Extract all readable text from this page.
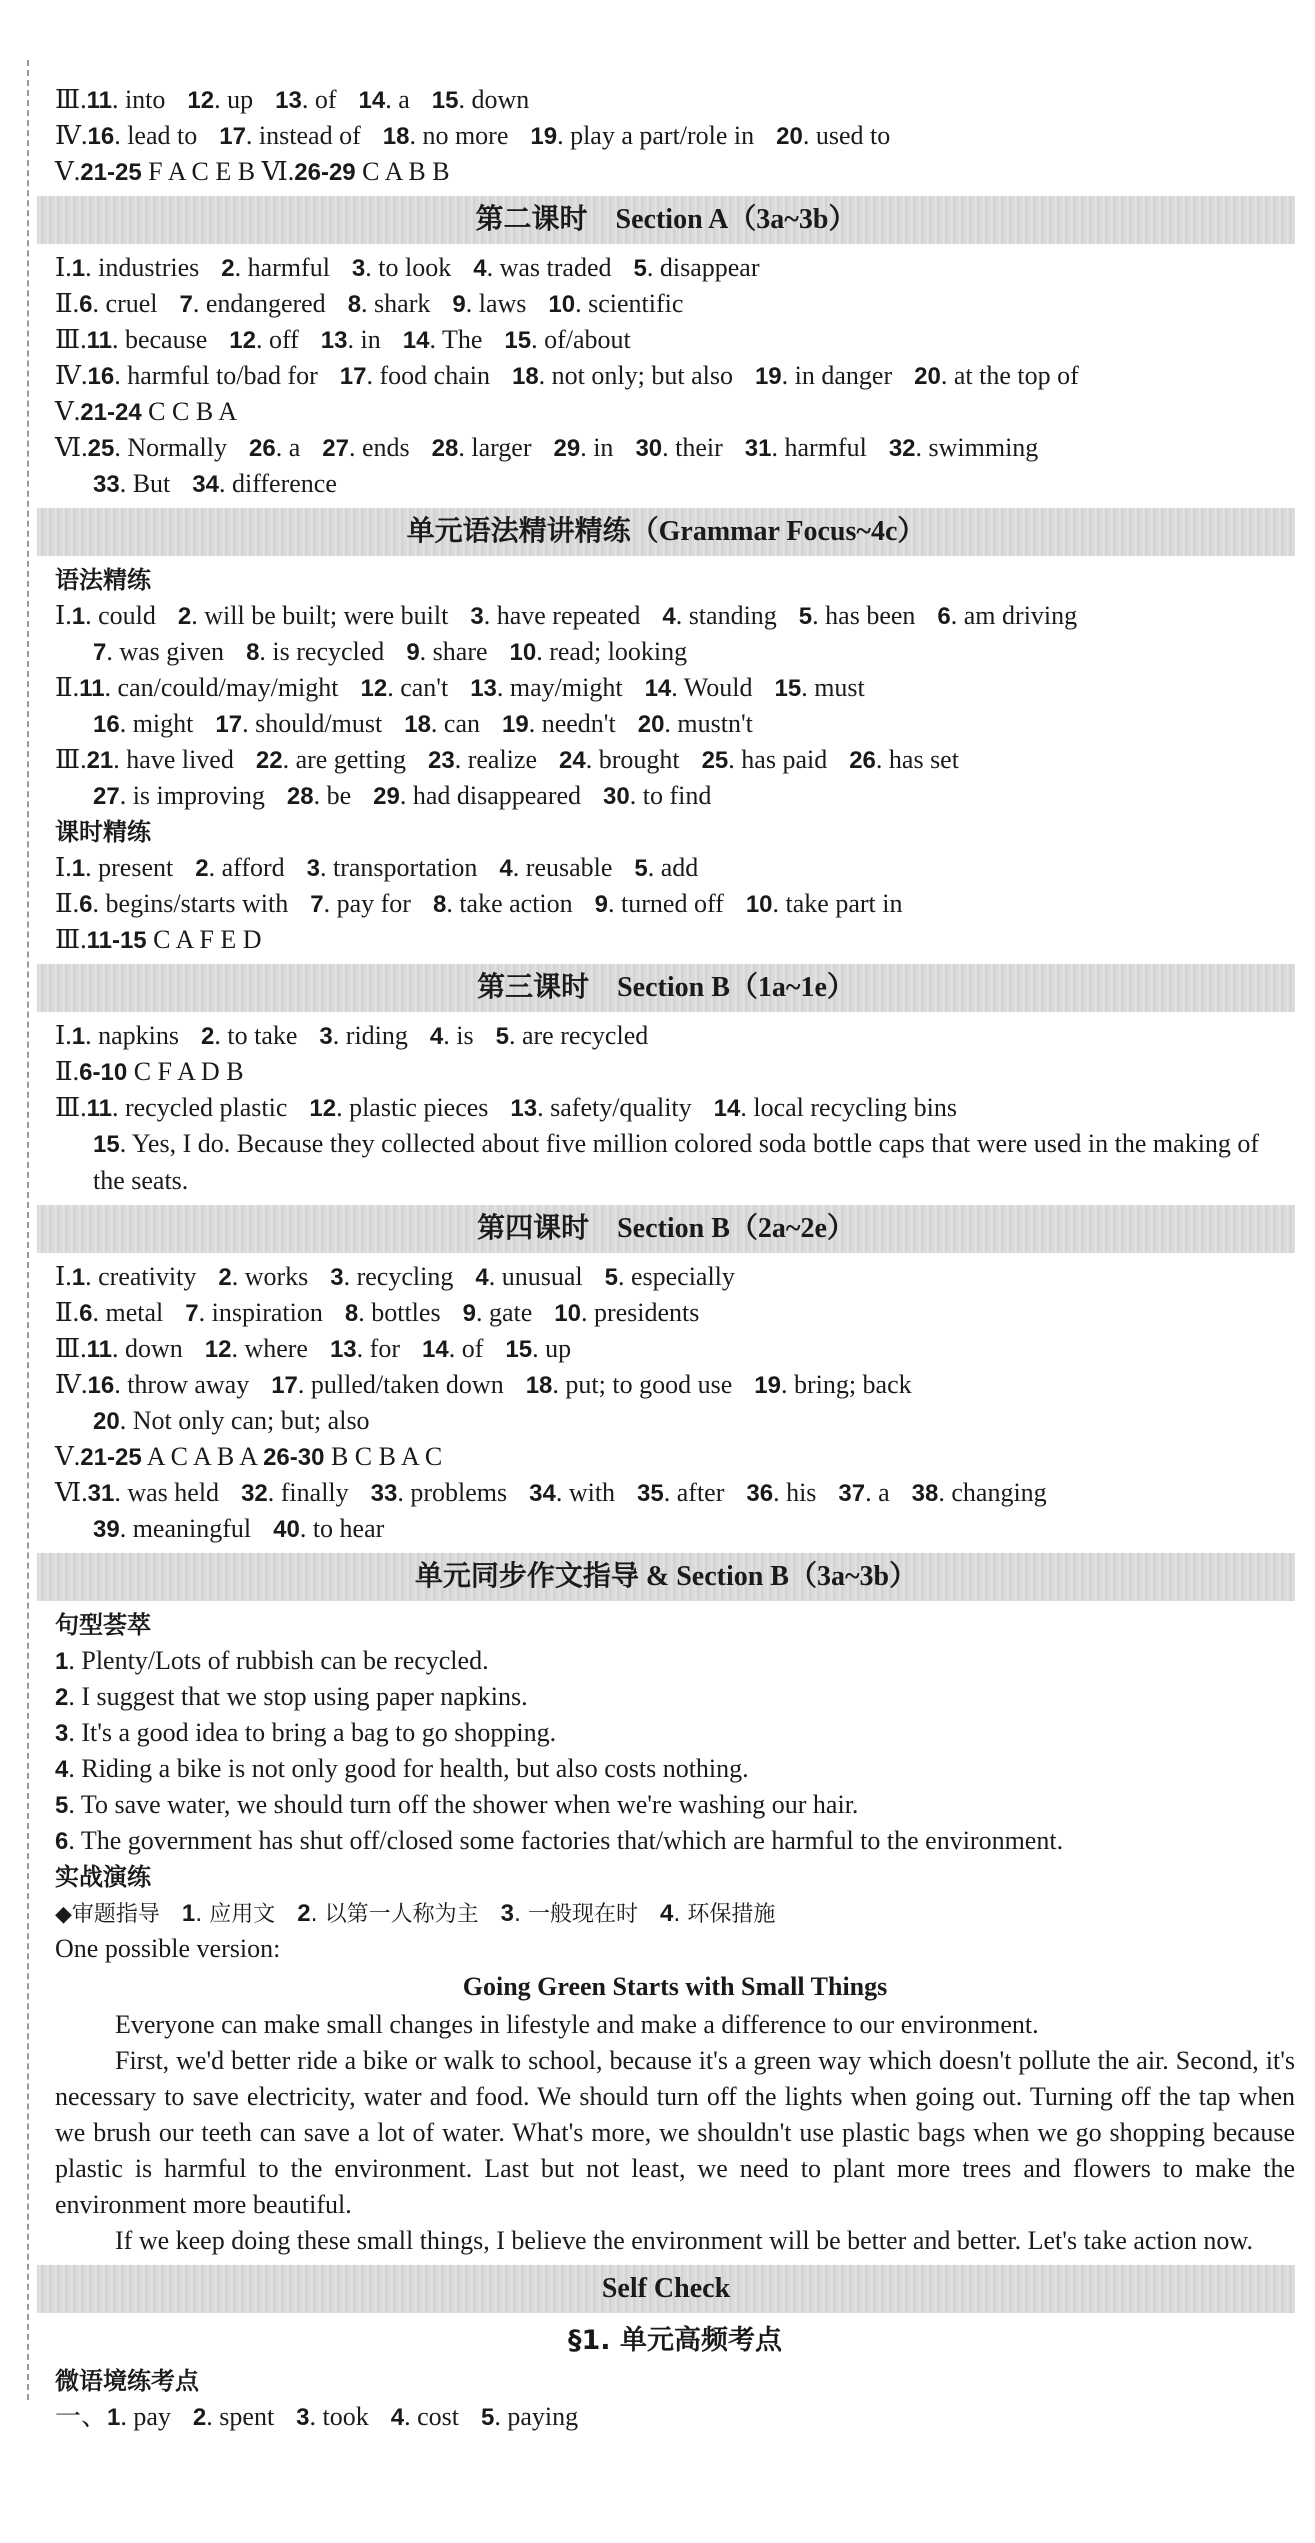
Ⅲ.11. into 12. up 13. of 14. a 15. down
Ⅳ.16. lead to 17. instead of 18. no more 19. play a part/role in 20. used to
Ⅴ.21-25 F A C E B Ⅵ.26-29 C A B B
第二课时　Section A（3a~3b）
Ⅰ.1. industries 2. harmful 3. to look 4. was traded 5. disappear
Ⅱ.6. cruel 7. endangered 8. shark 9. laws 10. scientific
Ⅲ.11. because 12. off 13. in 14. The 15. of/about
Ⅳ.16. harmful to/bad for 17. food chain 18. not only; but also 19. in danger 20. at the top of
Ⅴ.21-24 C C B A
Ⅵ.25. Normally 26. a 27. ends 28. larger 29. in 30. their 31. harmful 32. swimming
33. But 34. difference
单元语法精讲精练（Grammar Focus~4c）
语法精练
Ⅰ.1. could 2. will be built; were built 3. have repeated 4. standing 5. has been 6. am driving
7. was given 8. is recycled 9. share 10. read; looking
Ⅱ.11. can/could/may/might 12. can't 13. may/might 14. Would 15. must
16. might 17. should/must 18. can 19. needn't 20. mustn't
Ⅲ.21. have lived 22. are getting 23. realize 24. brought 25. has paid 26. has set
27. is improving 28. be 29. had disappeared 30. to find
课时精练
Ⅰ.1. present 2. afford 3. transportation 4. reusable 5. add
Ⅱ.6. begins/starts with 7. pay for 8. take action 9. turned off 10. take part in
Ⅲ.11-15 C A F E D
第三课时　Section B（1a~1e）
Ⅰ.1. napkins 2. to take 3. riding 4. is 5. are recycled
Ⅱ.6-10 C F A D B
Ⅲ.11. recycled plastic 12. plastic pieces 13. safety/quality 14. local recycling bins
15. Yes, I do. Because they collected about five million colored soda bottle caps that were used in the making of the seats.
第四课时　Section B（2a~2e）
Ⅰ.1. creativity 2. works 3. recycling 4. unusual 5. especially
Ⅱ.6. metal 7. inspiration 8. bottles 9. gate 10. presidents
Ⅲ.11. down 12. where 13. for 14. of 15. up
Ⅳ.16. throw away 17. pulled/taken down 18. put; to good use 19. bring; back
20. Not only can; but; also
Ⅴ.21-25 A C A B A 26-30 B C B A C
Ⅵ.31. was held 32. finally 33. problems 34. with 35. after 36. his 37. a 38. changing
39. meaningful 40. to hear
单元同步作文指导 & Section B（3a~3b）
句型荟萃
1. Plenty/Lots of rubbish can be recycled.
2. I suggest that we stop using paper napkins.
3. It's a good idea to bring a bag to go shopping.
4. Riding a bike is not only good for health, but also costs nothing.
5. To save water, we should turn off the shower when we're washing our hair.
6. The government has shut off/closed some factories that/which are harmful to the environment.
实战演练
◆审题指导 1. 应用文 2. 以第一人称为主 3. 一般现在时 4. 环保措施
One possible version:
Going Green Starts with Small Things
Everyone can make small changes in lifestyle and make a difference to our environment.
First, we'd better ride a bike or walk to school, because it's a green way which doesn't pollute the air. Second, it's necessary to save electricity, water and food. We should turn off the lights when going out. Turning off the tap when we brush our teeth can save a lot of water. What's more, we shouldn't use plastic bags when we go shopping because plastic is harmful to the environment. Last but not least, we need to plant more trees and flowers to make the environment more beautiful.
If we keep doing these small things, I believe the environment will be better and better. Let's take action now.
Self Check
§1. 单元高频考点
微语境练考点
一、1. pay 2. spent 3. took 4. cost 5. paying
